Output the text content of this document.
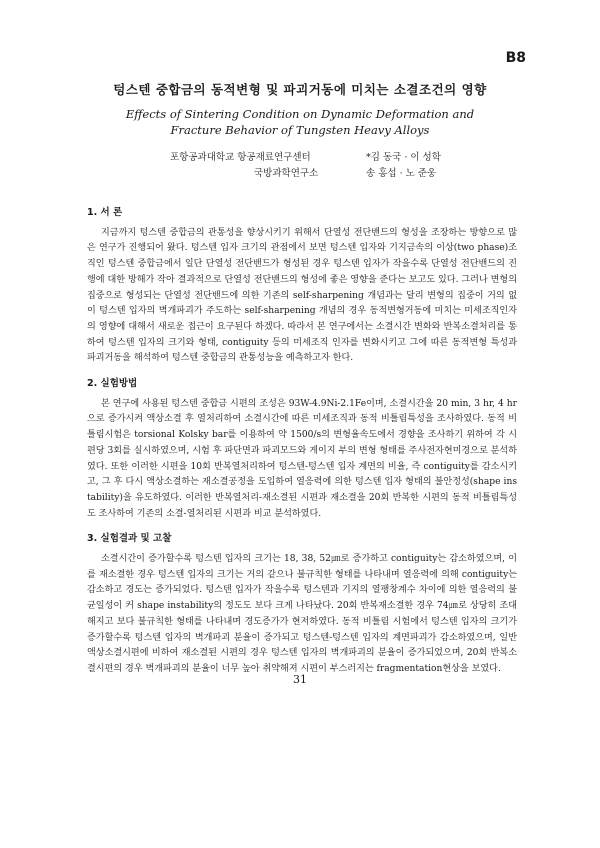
B8
텅스텐 중합금의 동적변형 및 파괴거동에 미치는 소결조건의 영향
Effects of Sintering Condition on Dynamic Deformation and
Fracture Behavior of Tungsten Heavy Alloys
포항공과대학교 항공재료연구센터	*김 동국 · 이 성학
국방과학연구소	송 홍섭 · 노 준웅
1. 서 론
지금까지 텅스텐 중합금의 관통성을 향상시키기 위해서 단열성 전단밴드의 형성을 조장하는 방향으로 많은 연구가 진행되어 왔다. 텅스텐 입자 크기의 관점에서 보면 텅스텐 입자와 기지금속의 이상(two phase)조직인 텅스텐 중합금에서 일단 단열성 전단밴드가 형성된 경우 텅스텐 입자가 작을수록 단열성 전단밴드의 진행에 대한 방해가 작아 결과적으로 단열성 전단밴드의 형성에 좋은 영향을 준다는 보고도 있다. 그러나 변형의 집중으로 형성되는 단열성 전단밴드에 의한 기존의 self-sharpening 개념과는 달리 변형의 집중이 거의 없이 텅스텐 입자의 벽개파괴가 주도하는 self-sharpening 개념의 경우 동적변형거동에 미치는 미세조직인자의 영향에 대해서 새로운 접근이 요구된다 하겠다. 따라서 본 연구에서는 소결시간 변화와 반복소결처리를 통하여 텅스텐 입자의 크기와 형태, contiguity 등의 미세조직 인자를 변화시키고 그에 따른 동적변형 특성과 파괴거동을 해석하여 텅스텐 중합금의 관통성능을 예측하고자 한다.
2. 실험방법
본 연구에 사용된 텅스텐 중합금 시편의 조성은 93W-4.9Ni-2.1Fe이며, 소결시간을 20 min, 3 hr, 4 hr으로 증가시켜 액상소결 후 열처리하여 소결시간에 따른 미세조직과 동적 비틀림특성을 조사하였다. 동적 비틀림시험은 torsional Kolsky bar를 이용하여 약 1500/s의 변형율속도에서 경향을 조사하기 위하여 각 시편당 3회를 실시하였으며, 시험 후 파단면과 파괴모드와 게이지 부의 변형 형태를 주사전자현미경으로 분석하였다. 또한 이러한 시편을 10회 반복열처리하여 텅스텐-텅스텐 입자 계면의 비율, 즉 contiguity를 감소시키고, 그 후 다시 액상소결하는 재소결공정을 도입하여 열응력에 의한 텅스텐 입자 형태의 불안정성(shape instability)을 유도하였다. 이러한 반복열처리-재소결된 시편과 재소결을 20회 반복한 시편의 동적 비틀림특성도 조사하여 기존의 소결-열처리된 시편과 비교 분석하였다.
3. 실험결과 및 고찰
소결시간이 증가할수록 텅스텐 입자의 크기는 18, 38, 52㎛로 증가하고 contiguity는 감소하였으며, 이를 재소결한 경우 텅스텐 입자의 크기는 거의 같으나 불규칙한 형태를 나타내며 열응력에 의해 contiguity는 감소하고 경도는 증가되었다. 텅스텐 입자가 작을수록 텅스텐과 기지의 열팽창계수 차이에 의한 열응력의 불균일성이 커 shape instability의 정도도 보다 크게 나타났다. 20회 반복재소결한 경우 74㎛로 상당히 조대해지고 보다 불규칙한 형태를 나타내며 경도증가가 현저하였다. 동적 비틀림 시험에서 텅스텐 입자의 크기가 증가할수록 텅스텐 입자의 벽개파괴 분율이 증가되고 텅스텐-텅스텐 입자의 계면파괴가 감소하였으며, 일반 액상소결시편에 비하여 재소결된 시편의 경우 텅스텐 입자의 벽개파괴의 분율이 증가되었으며, 20회 반복소결시편의 경우 벽개파괴의 분율이 너무 높아 취약해져 시편이 부스러지는 fragmentation현상을 보였다.
31
